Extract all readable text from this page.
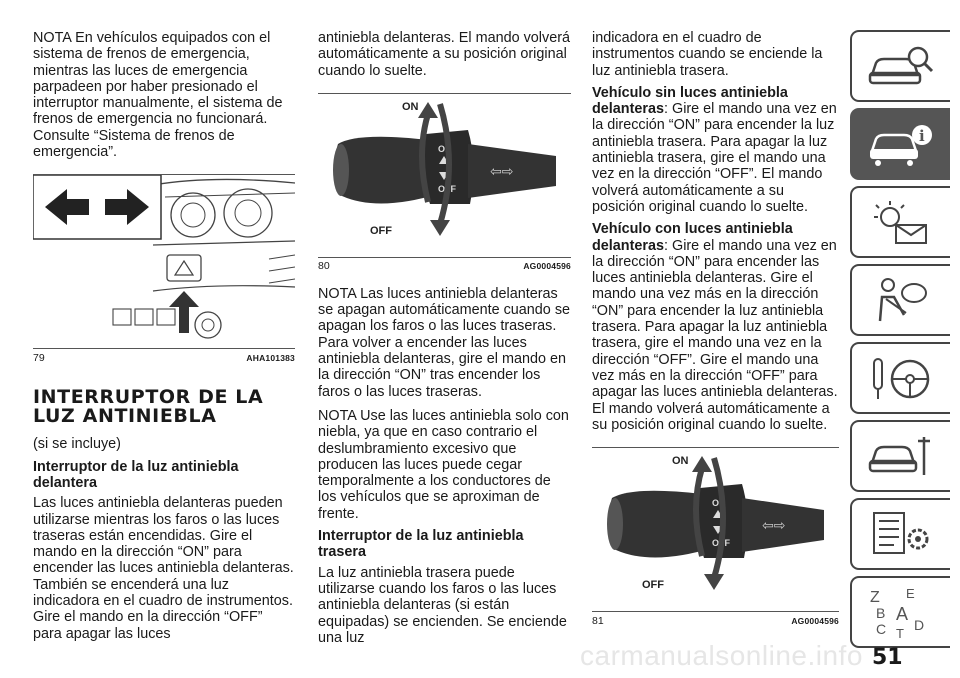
NOTA En vehículos equipados con el sistema de frenos de emergencia, mientras las luces de emergencia parpadeen por haber presionado el interruptor manualmente, el sistema de frenos de emergencia no funcionará. Consulte “Sistema de frenos de emergencia”.

79	AHA101383
INTERRUPTOR DE LA LUZ ANTINIEBLA

(si se incluye)

Interruptor de la luz antiniebla delantera

Las luces antiniebla delanteras pueden utilizarse mientras los faros o las luces traseras están encendidas. Gire el mando en la dirección “ON” para encender las luces antiniebla delanteras. También se encenderá una luz indicadora en el cuadro de instrumentos. Gire el mando en la dirección “OFF” para apagar las luces

antiniebla delanteras. El mando volverá automáticamente a su posición original cuando lo suelte.

ON
OFF
⇦⇨
ON
OFF
80	AG0004596

NOTA Las luces antiniebla delanteras se apagan automáticamente cuando se apagan los faros o las luces traseras. Para volver a encender las luces antiniebla delanteras, gire el mando en la dirección “ON” tras encender los faros o las luces traseras.

NOTA Use las luces antiniebla solo con niebla, ya que en caso contrario el deslumbramiento excesivo que producen las luces puede cegar temporalmente a los conductores de los vehículos que se aproximan de frente.

Interruptor de la luz antiniebla trasera

La luz antiniebla trasera puede utilizarse cuando los faros o las luces antiniebla delanteras (si están equipadas) se encienden. Se enciende una luz

indicadora en el cuadro de instrumentos cuando se enciende la luz antiniebla trasera.

Vehículo sin luces antiniebla delanteras: Gire el mando una vez en la dirección “ON” para encender la luz antiniebla trasera. Para apagar la luz antiniebla trasera, gire el mando una vez en la dirección “OFF”. El mando volverá automáticamente a su posición original cuando lo suelte.

Vehículo con luces antiniebla delanteras: Gire el mando una vez en la dirección “ON” para encender las luces antiniebla delanteras. Gire el mando una vez más en la dirección “ON” para encender la luz antiniebla trasera. Para apagar la luz antiniebla trasera, gire el mando una vez en la dirección “OFF”. Gire el mando una vez más en la dirección “OFF” para apagar las luces antiniebla delanteras. El mando volverá automáticamente a su posición original cuando lo suelte.

ON
OFF
⇦⇨
ON
OFF
81	AG0004596
i
Z E
B A
C D
T
carmanualsonline.info 51
